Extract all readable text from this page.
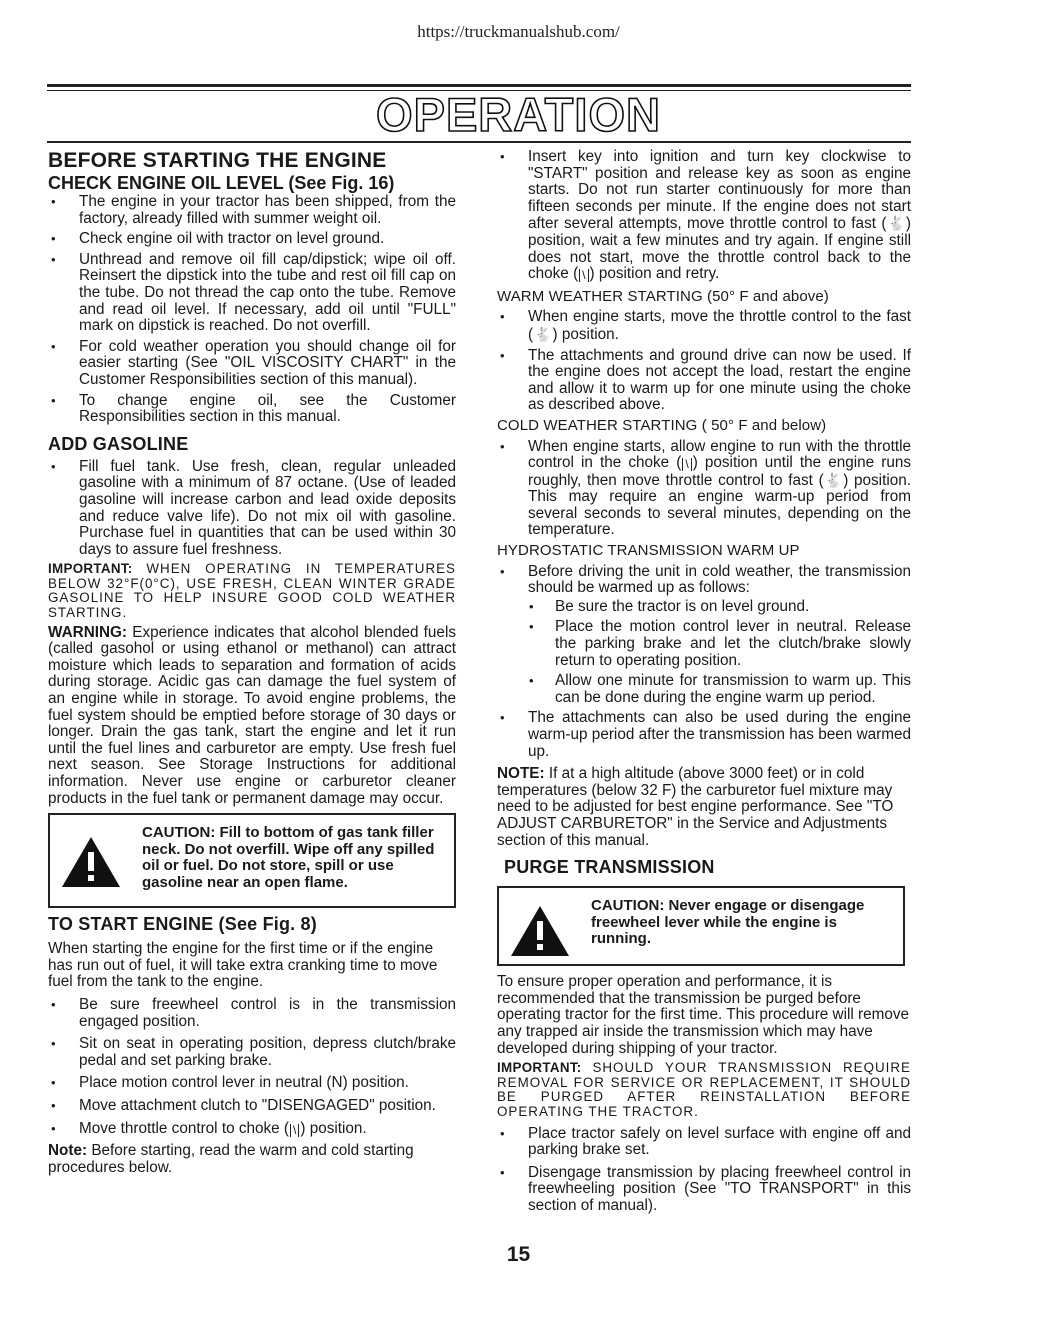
https://truckmanualshub.com/
OPERATION
BEFORE STARTING THE ENGINE
CHECK ENGINE OIL LEVEL (See Fig. 16)
• The engine in your tractor has been shipped, from the factory, already filled with summer weight oil.
• Check engine oil with tractor on level ground.
• Unthread and remove oil fill cap/dipstick; wipe oil off. Reinsert the dipstick into the tube and rest oil fill cap on the tube. Do not thread the cap onto the tube. Remove and read oil level. If necessary, add oil until "FULL" mark on dipstick is reached. Do not overfill.
• For cold weather operation you should change oil for easier starting (See "OIL VISCOSITY CHART" in the Customer Responsibilities section of this manual).
• To change engine oil, see the Customer Responsibilities section in this manual.
ADD GASOLINE
• Fill fuel tank. Use fresh, clean, regular unleaded gasoline with a minimum of 87 octane. (Use of leaded gasoline will increase carbon and lead oxide deposits and reduce valve life). Do not mix oil with gasoline. Purchase fuel in quantities that can be used within 30 days to assure fuel freshness.

IMPORTANT: WHEN OPERATING IN TEMPERATURES BELOW 32°F(0°C), USE FRESH, CLEAN WINTER GRADE GASOLINE TO HELP INSURE GOOD COLD WEATHER STARTING.

WARNING: Experience indicates that alcohol blended fuels (called gasohol or using ethanol or methanol) can attract moisture which leads to separation and formation of acids during storage. Acidic gas can damage the fuel system of an engine while in storage. To avoid engine problems, the fuel system should be emptied before storage of 30 days or longer. Drain the gas tank, start the engine and let it run until the fuel lines and carburetor are empty. Use fresh fuel next season. See Storage Instructions for additional information. Never use engine or carburetor cleaner products in the fuel tank or permanent damage may occur.

CAUTION: Fill to bottom of gas tank filler neck. Do not overfill. Wipe off any spilled oil or fuel. Do not store, spill or use gasoline near an open flame.
TO START ENGINE (See Fig. 8)

When starting the engine for the first time or if the engine has run out of fuel, it will take extra cranking time to move fuel from the tank to the engine.

• Be sure freewheel control is in the transmission engaged position.
• Sit on seat in operating position, depress clutch/brake pedal and set parking brake.
• Place motion control lever in neutral (N) position.
• Move attachment clutch to "DISENGAGED" position.
• Move throttle control to choke ( \ ) position.

Note: Before starting, read the warm and cold starting procedures below.

• Insert key into ignition and turn key clockwise to "START" position and release key as soon as engine starts. Do not run starter continuously for more than fifteen seconds per minute. If the engine does not start after several attempts, move throttle control to fast (🐇) position, wait a few minutes and try again. If engine still does not start, move the throttle control back to the choke ( \ ) position and retry.

WARM WEATHER STARTING (50° F and above)

• When engine starts, move the throttle control to the fast (🐇) position.
• The attachments and ground drive can now be used. If the engine does not accept the load, restart the engine and allow it to warm up for one minute using the choke as described above.

COLD WEATHER STARTING ( 50° F and below)

• When engine starts, allow engine to run with the throttle control in the choke ( \ ) position until the engine runs roughly, then move throttle control to fast (🐇) position. This may require an engine warm-up period from several seconds to several minutes, depending on the temperature.

HYDROSTATIC TRANSMISSION WARM UP

• Before driving the unit in cold weather, the transmission should be warmed up as follows:
• Be sure the tractor is on level ground.
• Place the motion control lever in neutral. Release the parking brake and let the clutch/brake slowly return to operating position.
• Allow one minute for transmission to warm up. This can be done during the engine warm up period.
• The attachments can also be used during the engine warm-up period after the transmission has been warmed up.

NOTE: If at a high altitude (above 3000 feet) or in cold temperatures (below 32 F) the carburetor fuel mixture may need to be adjusted for best engine performance. See "TO ADJUST CARBURETOR" in the Service and Adjustments section of this manual.

PURGE TRANSMISSION
CAUTION: Never engage or disengage freewheel lever while the engine is running.

To ensure proper operation and performance, it is recommended that the transmission be purged before operating tractor for the first time. This procedure will remove any trapped air inside the transmission which may have developed during shipping of your tractor.

IMPORTANT: SHOULD YOUR TRANSMISSION REQUIRE REMOVAL FOR SERVICE OR REPLACEMENT, IT SHOULD BE PURGED AFTER REINSTALLATION BEFORE OPERATING THE TRACTOR.

• Place tractor safely on level surface with engine off and parking brake set.
• Disengage transmission by placing freewheel control in freewheeling position (See "TO TRANSPORT" in this section of manual).
15
